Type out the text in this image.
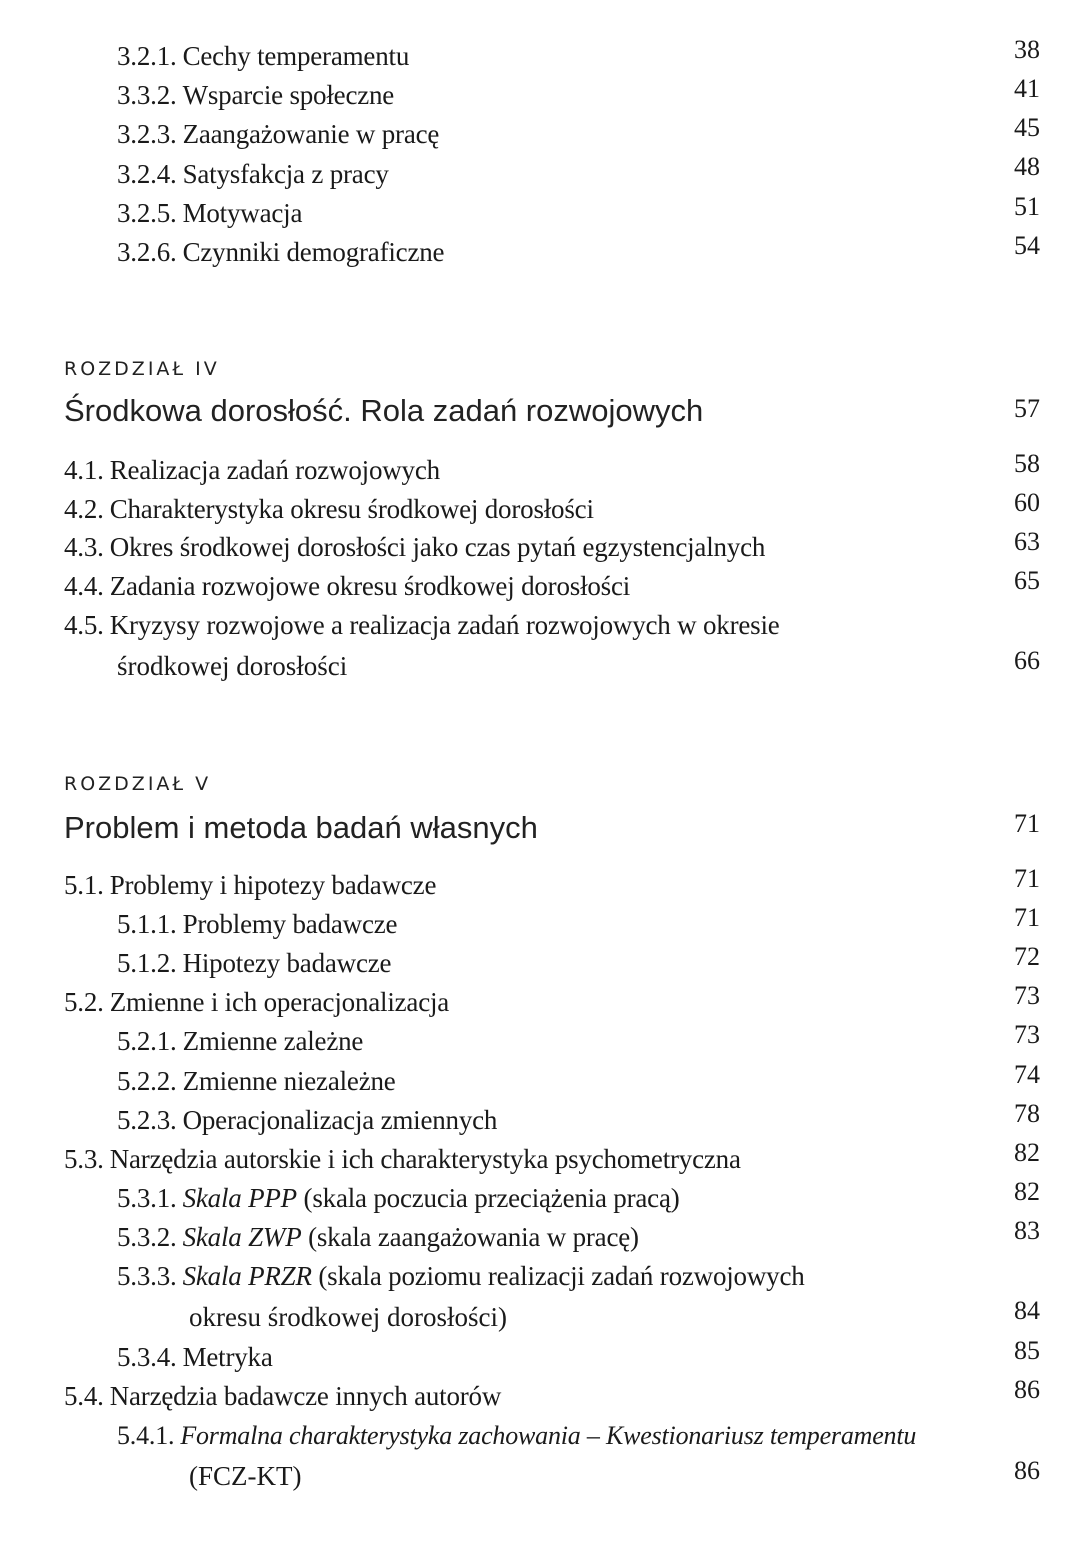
3.2.1. Cechy temperamentu	38
3.3.2. Wsparcie społeczne	41
3.2.3. Zaangażowanie w pracę	45
3.2.4. Satysfakcja z pracy	48
3.2.5. Motywacja	51
3.2.6. Czynniki demograficzne	54
ROZDZIAŁ IV
Środkowa dorosłość. Rola zadań rozwojowych	57
4.1. Realizacja zadań rozwojowych	58
4.2. Charakterystyka okresu środkowej dorosłości	60
4.3. Okres środkowej dorosłości jako czas pytań egzystencjalnych	63
4.4. Zadania rozwojowe okresu środkowej dorosłości	65
4.5. Kryzysy rozwojowe a realizacja zadań rozwojowych w okresie
środkowej dorosłości	66
ROZDZIAŁ V
Problem i metoda badań własnych	71
5.1. Problemy i hipotezy badawcze	71
5.1.1. Problemy badawcze	71
5.1.2. Hipotezy badawcze	72
5.2. Zmienne i ich operacjonalizacja	73
5.2.1. Zmienne zależne	73
5.2.2. Zmienne niezależne	74
5.2.3. Operacjonalizacja zmiennych	78
5.3. Narzędzia autorskie i ich charakterystyka psychometryczna	82
5.3.1. Skala PPP (skala poczucia przeciążenia pracą)	82
5.3.2. Skala ZWP (skala zaangażowania w pracę)	83
5.3.3. Skala PRZR (skala poziomu realizacji zadań rozwojowych
okresu środkowej dorosłości)	84
5.3.4. Metryka	85
5.4. Narzędzia badawcze innych autorów	86
5.4.1. Formalna charakterystyka zachowania – Kwestionariusz temperamentu
(FCZ-KT)	86
